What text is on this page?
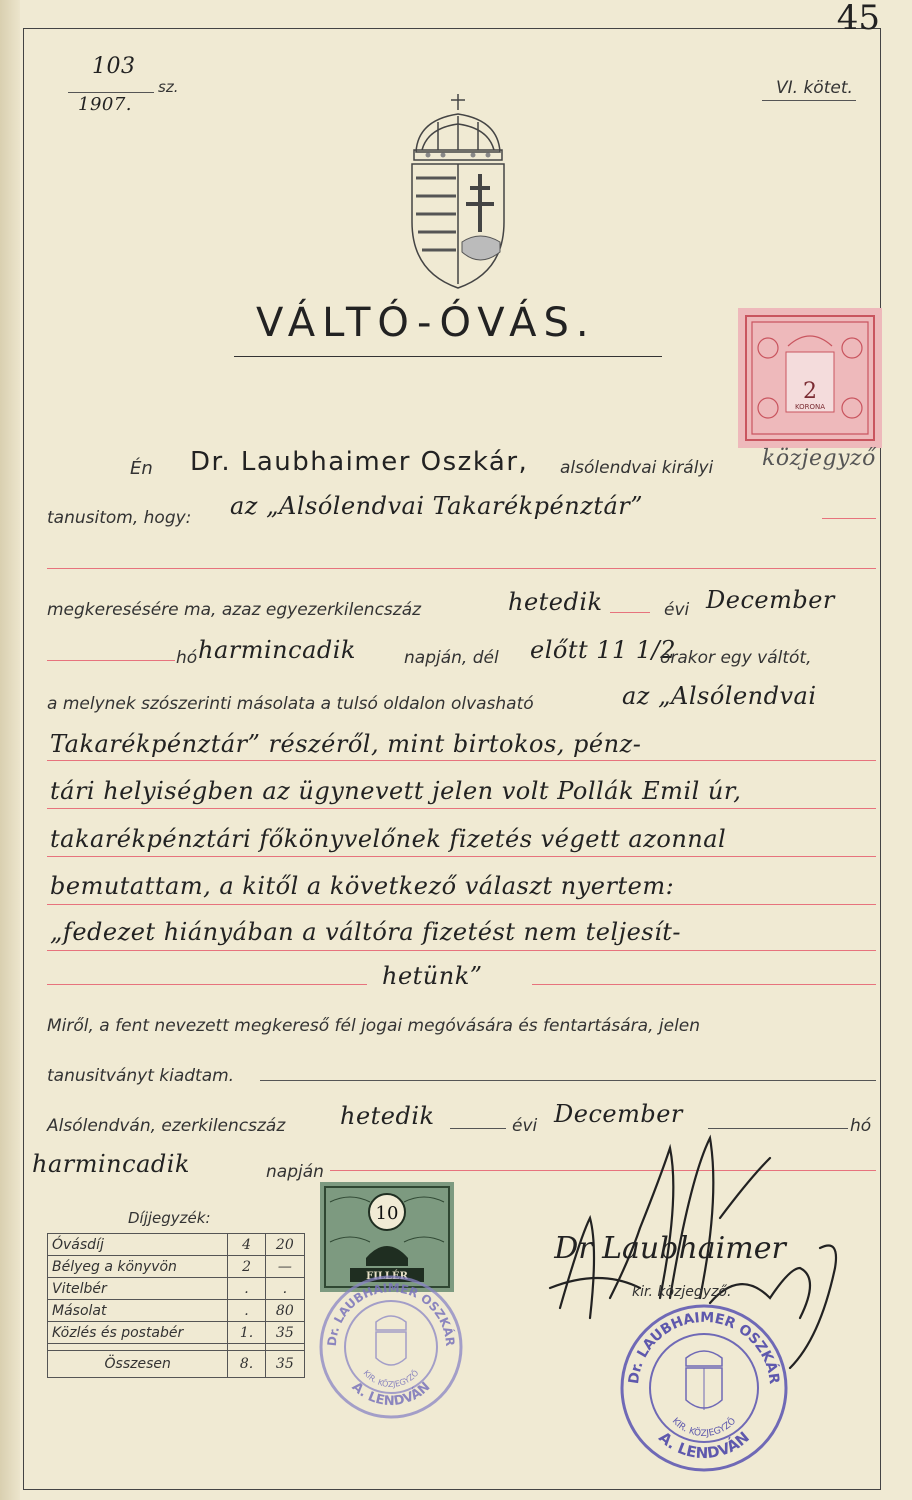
45
103
sz.
1907.
VI. kötet.
VÁLTÓ-ÓVÁS.
2
KORONA
Én Dr. Laubhaimer Oszkár, alsólendvai királyi közjegyző
tanusitom, hogy: az „Alsólendvai Takarékpénztár”
megkeresésére ma, azaz egyezerkilencszáz	hetedik	évi December
hó harmincadik	napján, dél előtt 11 1/2
órakor egy váltót,
a melynek szószerinti másolata a tulsó oldalon olvasható	az „Alsólendvai
Takarékpénztár” részéről, mint birtokos, pénz-
tári helyiségben az ügynevett jelen volt Pollák Emil úr,
takarékpénztári főkönyvelőnek fizetés végett azonnal
bemutattam, a kitől a következő választ nyertem:
„fedezet hiányában a váltóra fizetést nem teljesít-
hetünk”
Miről, a fent nevezett megkereső fél jogai megóvására és fentartására, jelen
tanusitványt kiadtam.
Alsólendván, ezerkilencszáz hetedik	évi December	hó
harmincadik	napján
Díjjegyzék:
Óvásdíj	4	20
Bélyeg a könyvön	2	—
Vitelbér	.	.
Másolat	.	80
Közlés és postabér	1.	35

Összesen	8.	35
10
FILLÉR
Dr. LAUBHAIMER OSZKÁR
A. LENDVÁN
KIR. KÖZJEGYZŐ	Dr. LAUBHAIMER OSZKÁR
A. LENDVÁN
KIR. KÖZJEGYZŐ
Dr Laubhaimer
kir. közjegyző.
